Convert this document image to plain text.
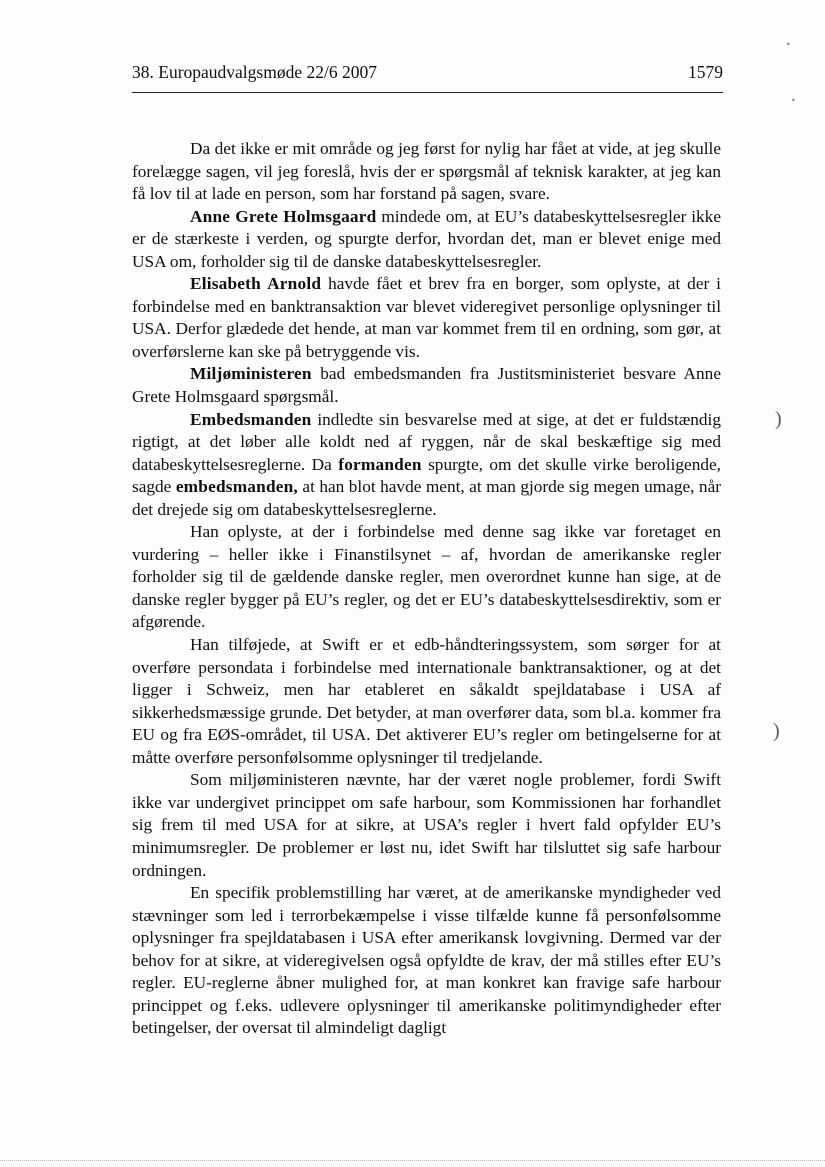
38. Europaudvalgsmøde 22/6 2007	1579

Da det ikke er mit område og jeg først for nylig har fået at vide, at jeg skulle forelægge sagen, vil jeg foreslå, hvis der er spørgsmål af teknisk karakter, at jeg kan få lov til at lade en person, som har forstand på sagen, svare.

Anne Grete Holmsgaard mindede om, at EU’s databeskyttelsesregler ikke er de stærkeste i verden, og spurgte derfor, hvordan det, man er blevet enige med USA om, forholder sig til de danske databeskyttelsesregler.

Elisabeth Arnold havde fået et brev fra en borger, som oplyste, at der i forbindelse med en banktransaktion var blevet videregivet personlige oplysninger til USA. Derfor glædede det hende, at man var kommet frem til en ordning, som gør, at overførslerne kan ske på betryggende vis.

Miljøministeren bad embedsmanden fra Justitsministeriet besvare Anne Grete Holmsgaard spørgsmål.

Embedsmanden indledte sin besvarelse med at sige, at det er fuldstændig rigtigt, at det løber alle koldt ned af ryggen, når de skal beskæftige sig med databeskyttelsesreglerne. Da formanden spurgte, om det skulle virke beroligende, sagde embedsmanden, at han blot havde ment, at man gjorde sig megen umage, når det drejede sig om databeskyttelsesreglerne.

Han oplyste, at der i forbindelse med denne sag ikke var foretaget en vurdering – heller ikke i Finanstilsynet – af, hvordan de amerikanske regler forholder sig til de gældende danske regler, men overordnet kunne han sige, at de danske regler bygger på EU’s regler, og det er EU’s databeskyttelsesdirektiv, som er afgørende.

Han tilføjede, at Swift er et edb-håndteringssystem, som sørger for at overføre persondata i forbindelse med internationale banktransaktioner, og at det ligger i Schweiz, men har etableret en såkaldt spejldatabase i USA af sikkerhedsmæssige grunde. Det betyder, at man overfører data, som bl.a. kommer fra EU og fra EØS-området, til USA. Det aktiverer EU’s regler om betingelserne for at måtte overføre personfølsomme oplysninger til tredjelande.

Som miljøministeren nævnte, har der været nogle problemer, fordi Swift ikke var undergivet princippet om safe harbour, som Kommissionen har forhandlet sig frem til med USA for at sikre, at USA’s regler i hvert fald opfylder EU’s minimumsregler. De problemer er løst nu, idet Swift har tilsluttet sig safe harbour ordningen.

En specifik problemstilling har været, at de amerikanske myndigheder ved stævninger som led i terrorbekæmpelse i visse tilfælde kunne få personfølsomme oplysninger fra spejldatabasen i USA efter amerikansk lovgivning. Dermed var der behov for at sikre, at videregivelsen også opfyldte de krav, der må stilles efter EU’s regler. EU-reglerne åbner mulighed for, at man konkret kan fravige safe harbour princippet og f.eks. udlevere oplysninger til amerikanske politimyndigheder efter betingelser, der oversat til almindeligt dagligt

•
•
)
)
